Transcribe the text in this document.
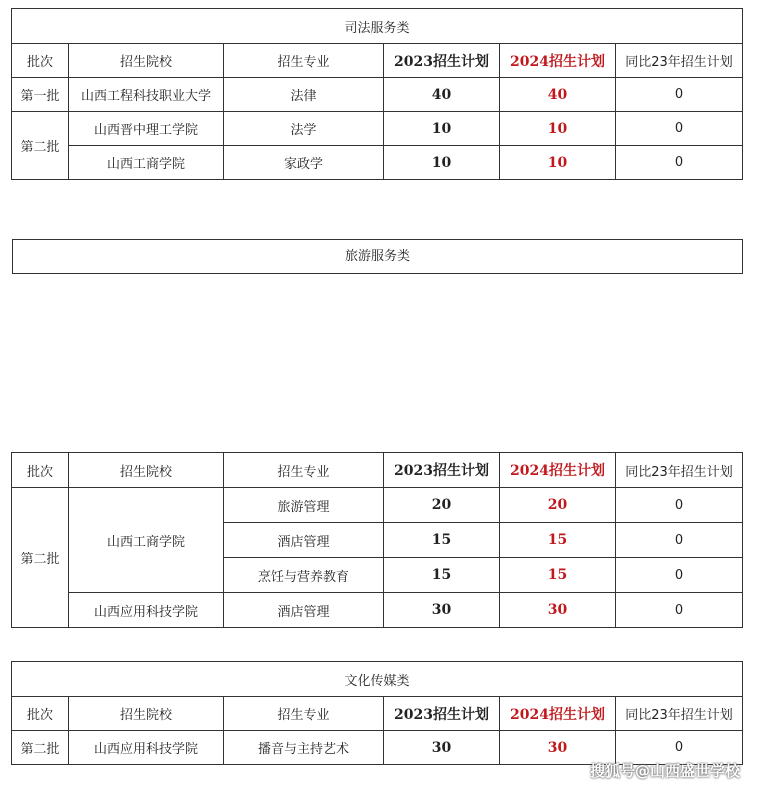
司法服务类					
批次	招生院校	招生专业	2023招生计划	2024招生计划	同比23年招生计划
第一批	山西工程科技职业大学	法律	40	40	0
第二批	山西晋中理工学院	法学	10	10	0
	山西工商学院	家政学	10	10	0
旅游服务类
批次	招生院校	招生专业	2023招生计划	2024招生计划	同比23年招生计划
第二批	山西工商学院	旅游管理	20	20	0
		酒店管理	15	15	0
		烹饪与营养教育	15	15	0
	山西应用科技学院	酒店管理	30	30	0
文化传媒类					
批次	招生院校	招生专业	2023招生计划	2024招生计划	同比23年招生计划
第二批	山西应用科技学院	播音与主持艺术	30	30	0
搜狐号@山西盛世学校
